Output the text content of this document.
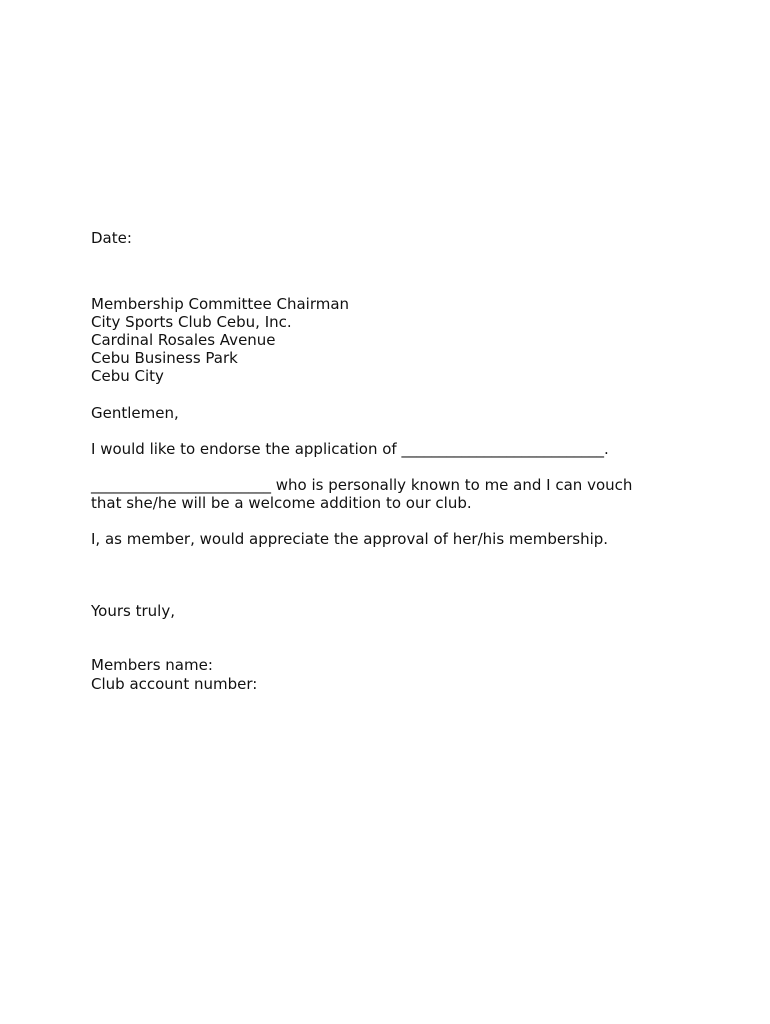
Date:
Membership Committee Chairman
City Sports Club Cebu, Inc.
Cardinal Rosales Avenue
Cebu Business Park
Cebu City
Gentlemen,
I would like to endorse the application of ___________________________.
________________________ who is personally known to me and I can vouch
that she/he will be a welcome addition to our club.
I, as member, would appreciate the approval of her/his membership.
Yours truly,
Members name:
Club account number:
